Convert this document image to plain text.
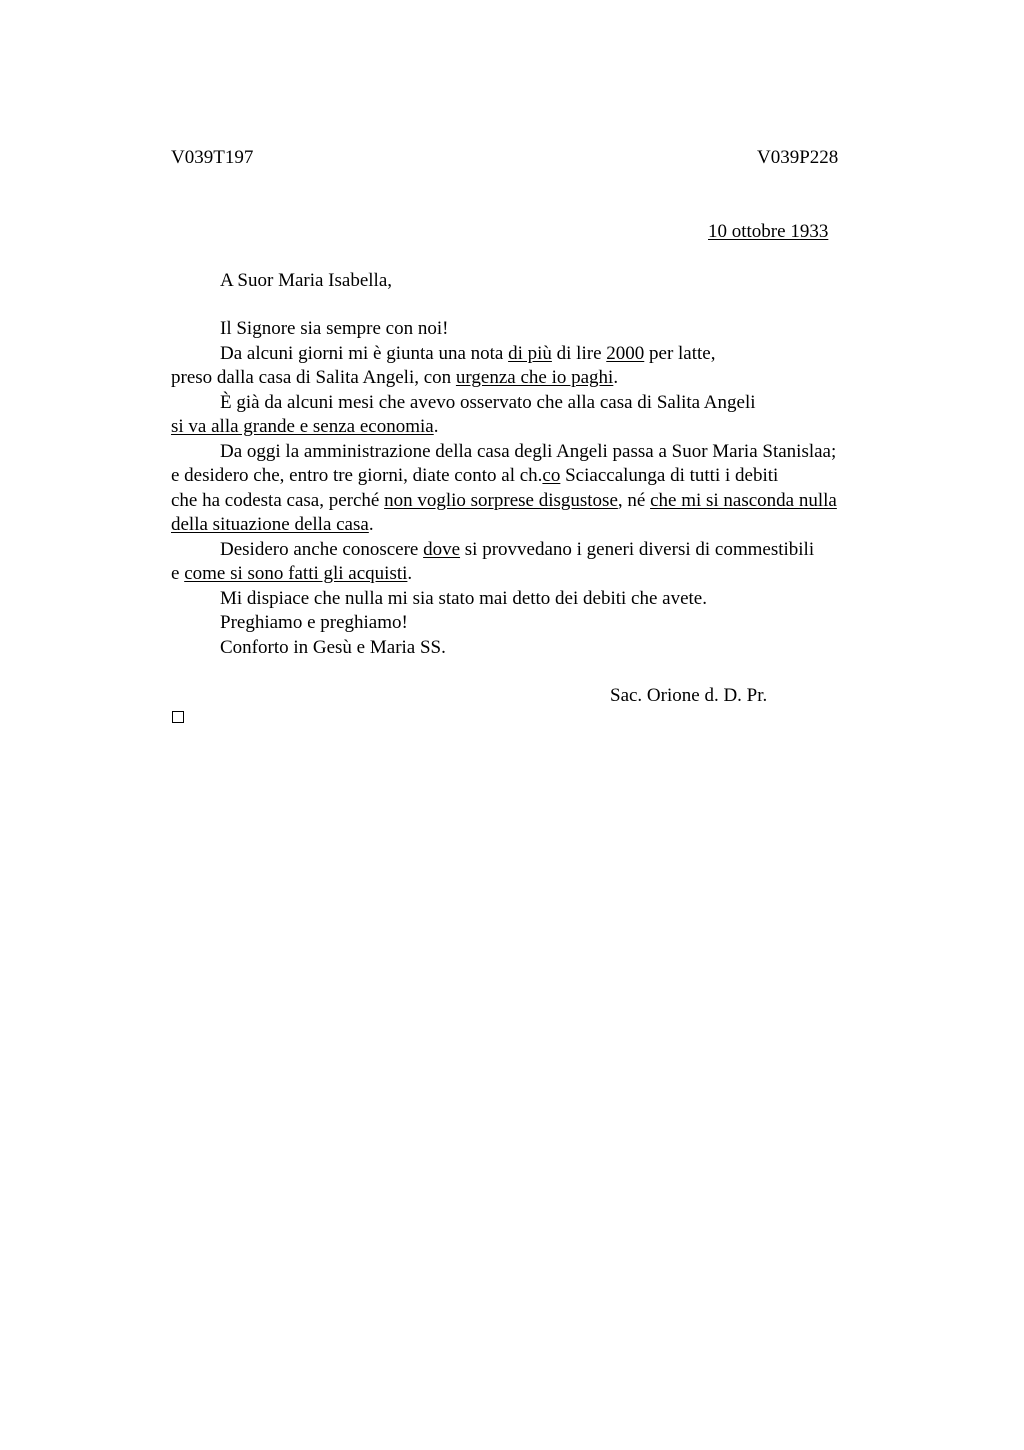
V039T197	V039P228
10 ottobre 1933
A Suor Maria Isabella,
Il Signore sia sempre con noi!
Da alcuni giorni mi è giunta una nota di più di lire 2000 per latte,
preso dalla casa di Salita Angeli, con urgenza che io paghi.
È già da alcuni mesi che avevo osservato che alla casa di Salita Angeli
si va alla grande e senza economia.
Da oggi la amministrazione della casa degli Angeli passa a Suor Maria Stanislaa;
e desidero che, entro tre giorni, diate conto al ch.co Sciaccalunga di tutti i debiti
che ha codesta casa, perché non voglio sorprese disgustose, né che mi si nasconda nulla
della situazione della casa.
Desidero anche conoscere dove si provvedano i generi diversi di commestibili
e come si sono fatti gli acquisti.
Mi dispiace che nulla mi sia stato mai detto dei debiti che avete.
Preghiamo e preghiamo!
Conforto in Gesù e Maria SS.
Sac. Orione d. D. Pr.
